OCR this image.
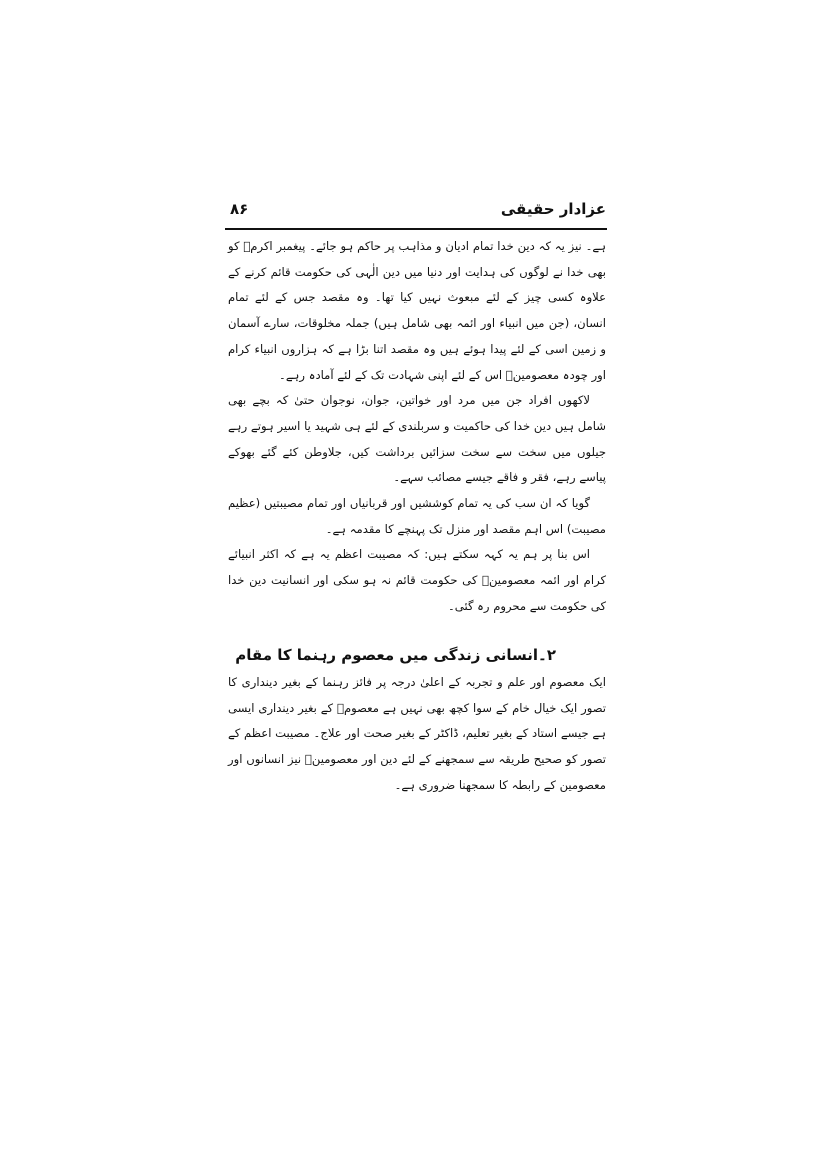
عزادار حقیقی
۸۶

ہے۔ نیز یہ کہ دین خدا تمام ادیان و مذاہب پر حاکم ہو جائے۔ پیغمبر اکرمؐ کو بھی خدا نے لوگوں کی ہدایت اور دنیا میں دین الٰہی کی حکومت قائم کرنے کے علاوہ کسی چیز کے لئے مبعوث نہیں کیا تھا۔ وہ مقصد جس کے لئے تمام انسان، (جن میں انبیاء اور ائمہ بھی شامل ہیں) جملہ مخلوقات، سارے آسمان و زمین اسی کے لئے پیدا ہوئے ہیں وہ مقصد اتنا بڑا ہے کہ ہزاروں انبیاء کرام اور چودہ معصومینؑ اس کے لئے اپنی شہادت تک کے لئے آمادہ رہے۔

لاکھوں افراد جن میں مرد اور خواتین، جوان، نوجوان حتیٰ کہ بچے بھی شامل ہیں دین خدا کی حاکمیت و سربلندی کے لئے ہی شہید یا اسیر ہوتے رہے جیلوں میں سخت سے سخت سزائیں برداشت کیں، جلاوطن کئے گئے بھوکے پیاسے رہے، فقر و فاقے جیسے مصائب سہے۔

گویا کہ ان سب کی یہ تمام کوششیں اور قربانیاں اور تمام مصیبتیں (عظیم مصیبت) اس اہم مقصد اور منزل تک پہنچے کا مقدمہ ہے۔

اس بنا پر ہم یہ کہہ سکتے ہیں: کہ مصیبت اعظم یہ ہے کہ اکثر انبیائے کرام اور ائمہ معصومینؑ کی حکومت قائم نہ ہو سکی اور انسانیت دین خدا کی حکومت سے محروم رہ گئی۔

۲۔انسانی زندگی میں معصوم رہنما کا مقام

ایک معصوم اور علم و تجربہ کے اعلیٰ درجہ پر فائز رہنما کے بغیر دینداری کا تصور ایک خیال خام کے سوا کچھ بھی نہیں ہے معصومؑ کے بغیر دینداری ایسی ہے جیسے استاد کے بغیر تعلیم، ڈاکٹر کے بغیر صحت اور علاج۔ مصیبت اعظم کے تصور کو صحیح طریقہ سے سمجھنے کے لئے دین اور معصومینؑ نیز انسانوں اور معصومین کے رابطہ کا سمجھنا ضروری ہے۔
